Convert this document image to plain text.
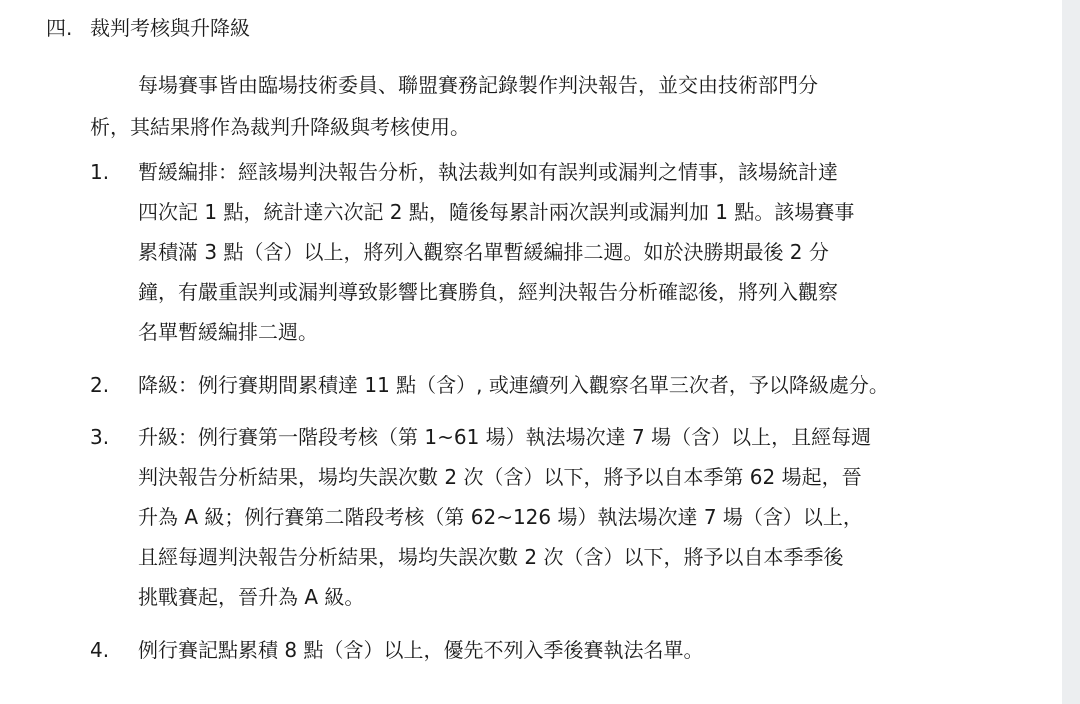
四. 裁判考核與升降級
每場賽事皆由臨場技術委員、聯盟賽務記錄製作判決報告，並交由技術部門分
析，其結果將作為裁判升降級與考核使用。
1.	暫緩編排：經該場判決報告分析，執法裁判如有誤判或漏判之情事，該場統計達
四次記 1 點，統計達六次記 2 點，隨後每累計兩次誤判或漏判加 1 點。該場賽事
累積滿 3 點（含）以上，將列入觀察名單暫緩編排二週。如於決勝期最後 2 分
鐘，有嚴重誤判或漏判導致影響比賽勝負，經判決報告分析確認後，將列入觀察
名單暫緩編排二週。
2.	降級：例行賽期間累積達 11 點（含）, 或連續列入觀察名單三次者，予以降級處分。
3.	升級：例行賽第一階段考核（第 1~61 場）執法場次達 7 場（含）以上，且經每週
判決報告分析結果，場均失誤次數 2 次（含）以下，將予以自本季第 62 場起，晉
升為 A 級；例行賽第二階段考核（第 62~126 場）執法場次達 7 場（含）以上，
且經每週判決報告分析結果，場均失誤次數 2 次（含）以下，將予以自本季季後
挑戰賽起，晉升為 A 級。
4.	例行賽記點累積 8 點（含）以上，優先不列入季後賽執法名單。
